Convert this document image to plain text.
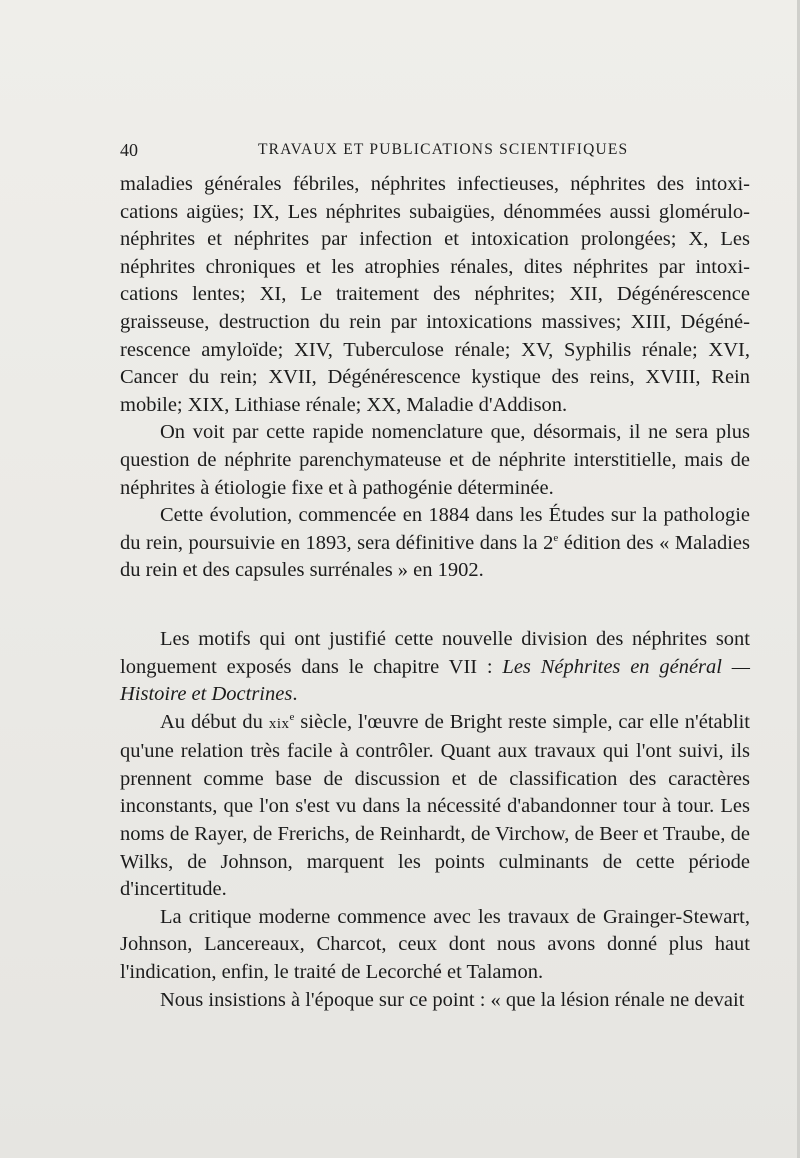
40	TRAVAUX ET PUBLICATIONS SCIENTIFIQUES

maladies générales fébriles, néphrites infectieuses, néphrites des intoxications aigües; IX, Les néphrites subaigües, dénommées aussi glomérulonéphrites et néphrites par infection et intoxication prolongées; X, Les néphrites chroniques et les atrophies rénales, dites néphrites par intoxications lentes; XI, Le traitement des néphrites; XII, Dégénérescence graisseuse, destruction du rein par intoxications massives; XIII, Dégénérescence amyloïde; XIV, Tuberculose rénale; XV, Syphilis rénale; XVI, Cancer du rein; XVII, Dégénérescence kystique des reins, XVIII, Rein mobile; XIX, Lithiase rénale; XX, Maladie d'Addison.

On voit par cette rapide nomenclature que, désormais, il ne sera plus question de néphrite parenchymateuse et de néphrite interstitielle, mais de néphrites à étiologie fixe et à pathogénie déterminée.

Cette évolution, commencée en 1884 dans les Études sur la pathologie du rein, poursuivie en 1893, sera définitive dans la 2e édition des « Maladies du rein et des capsules surrénales » en 1902.

Les motifs qui ont justifié cette nouvelle division des néphrites sont longuement exposés dans le chapitre VII : Les Néphrites en général — Histoire et Doctrines.

Au début du xix$^e$ siècle, l'œuvre de Bright reste simple, car elle n'établit qu'une relation très facile à contrôler. Quant aux travaux qui l'ont suivi, ils prennent comme base de discussion et de classification des caractères inconstants, que l'on s'est vu dans la nécessité d'abandonner tour à tour. Les noms de Rayer, de Frerichs, de Reinhardt, de Virchow, de Beer et Traube, de Wilks, de Johnson, marquent les points culminants de cette période d'incertitude.

La critique moderne commence avec les travaux de Grainger-Stewart, Johnson, Lancereaux, Charcot, ceux dont nous avons donné plus haut l'indication, enfin, le traité de Lecorché et Talamon.

Nous insistions à l'époque sur ce point : « que la lésion rénale ne devait
